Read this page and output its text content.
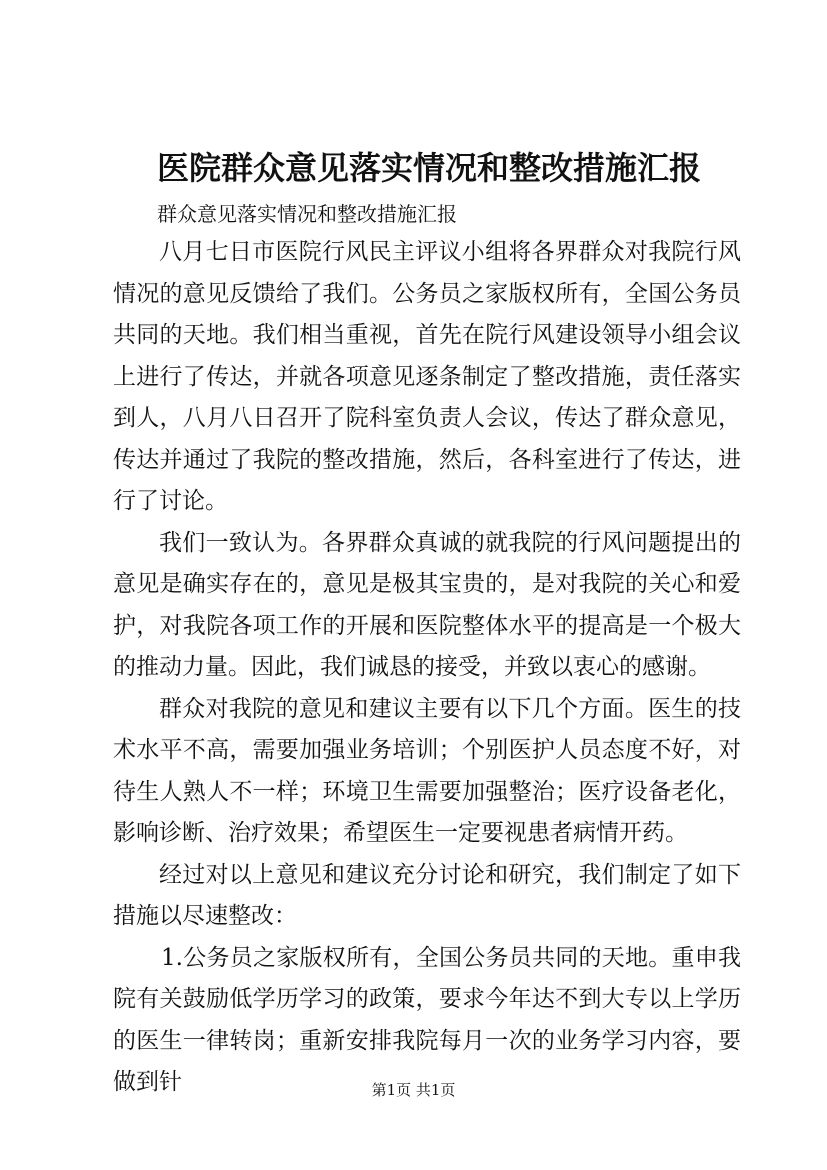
医院群众意见落实情况和整改措施汇报
群众意见落实情况和整改措施汇报

八月七日市医院行风民主评议小组将各界群众对我院行风情况的意见反馈给了我们。公务员之家版权所有，全国公务员共同的天地。我们相当重视，首先在院行风建设领导小组会议上进行了传达，并就各项意见逐条制定了整改措施，责任落实到人，八月八日召开了院科室负责人会议，传达了群众意见，传达并通过了我院的整改措施，然后，各科室进行了传达，进行了讨论。

我们一致认为。各界群众真诚的就我院的行风问题提出的意见是确实存在的，意见是极其宝贵的，是对我院的关心和爱护，对我院各项工作的开展和医院整体水平的提高是一个极大的推动力量。因此，我们诚恳的接受，并致以衷心的感谢。

群众对我院的意见和建议主要有以下几个方面。医生的技术水平不高，需要加强业务培训；个别医护人员态度不好，对待生人熟人不一样；环境卫生需要加强整治；医疗设备老化，影响诊断、治疗效果；希望医生一定要视患者病情开药。

经过对以上意见和建议充分讨论和研究，我们制定了如下措施以尽速整改：

1.公务员之家版权所有，全国公务员共同的天地。重申我院有关鼓励低学历学习的政策，要求今年达不到大专以上学历的医生一律转岗；重新安排我院每月一次的业务学习内容，要做到针	第1页 共1页
